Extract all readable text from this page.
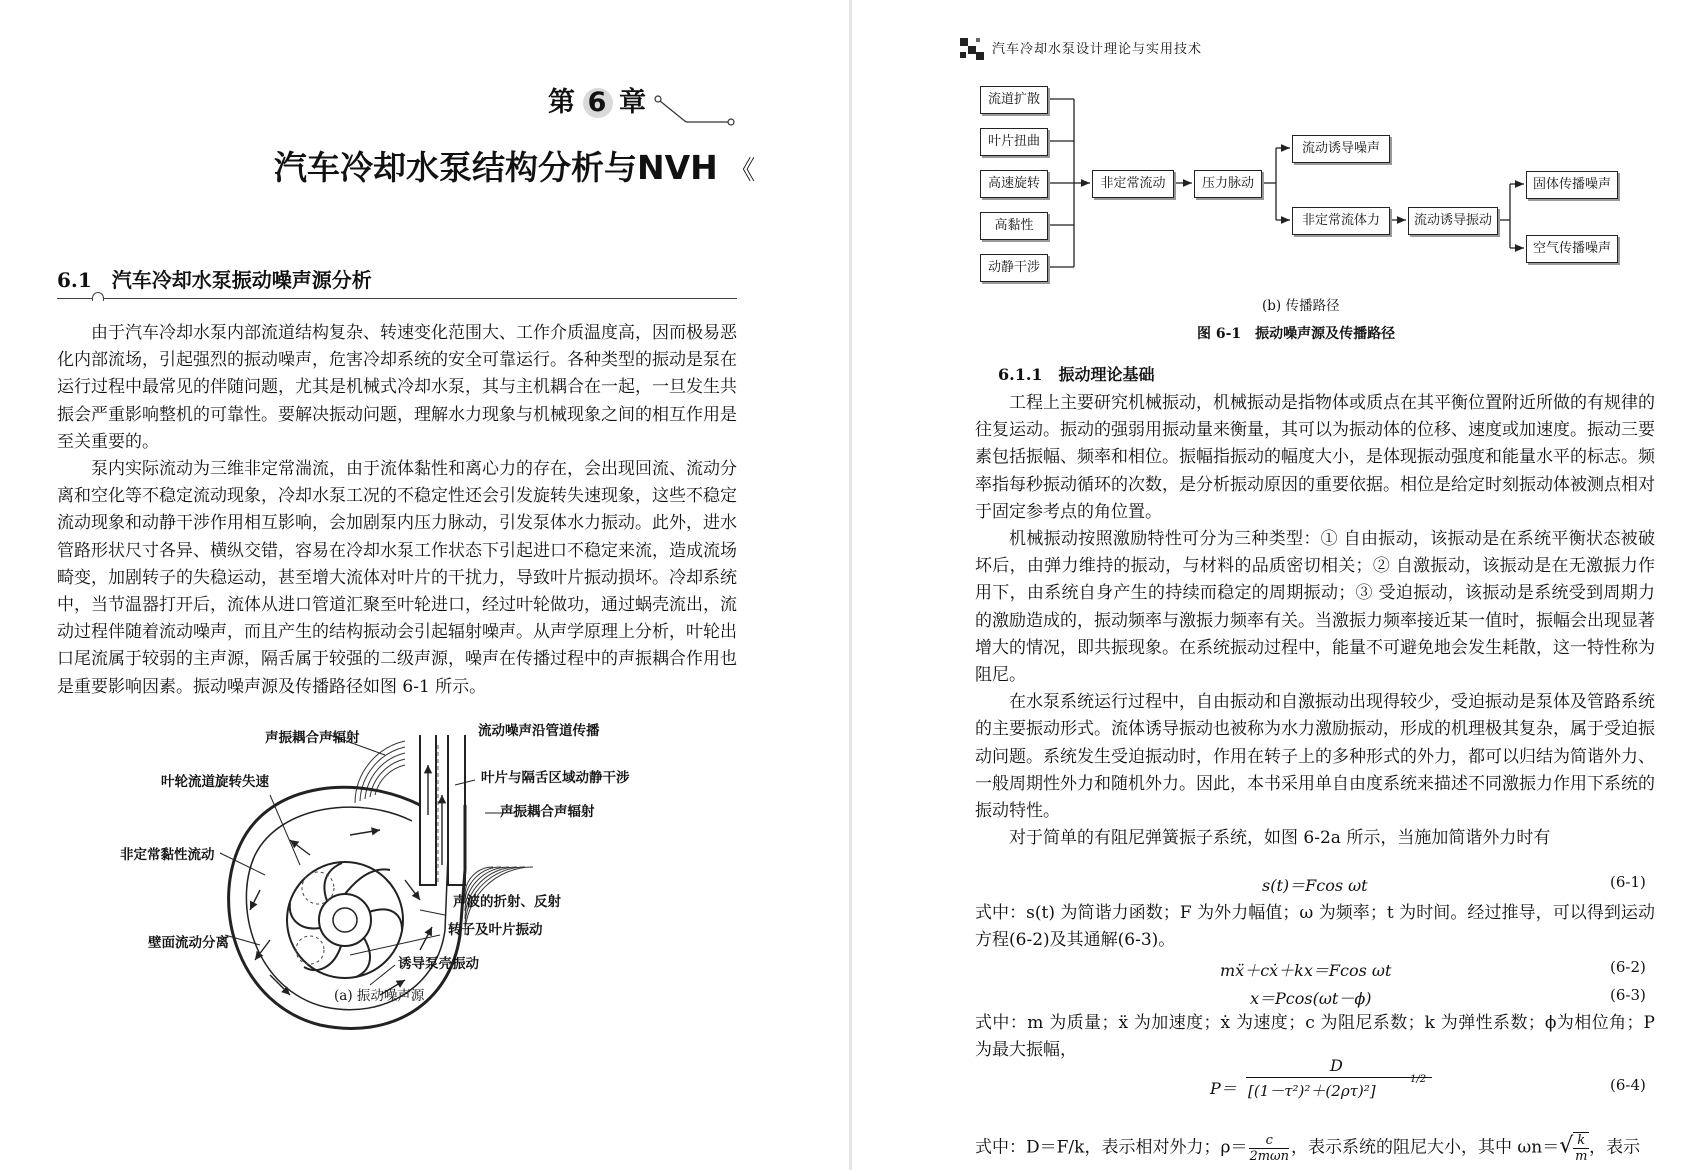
第 6 章
汽车冷却水泵结构分析与NVH 《
6.1　汽车冷却水泵振动噪声源分析

由于汽车冷却水泵内部流道结构复杂、转速变化范围大、工作介质温度高，因而极易恶化内部流场，引起强烈的振动噪声，危害冷却系统的安全可靠运行。各种类型的振动是泵在运行过程中最常见的伴随问题，尤其是机械式冷却水泵，其与主机耦合在一起，一旦发生共振会严重影响整机的可靠性。要解决振动问题，理解水力现象与机械现象之间的相互作用是至关重要的。

泵内实际流动为三维非定常湍流，由于流体黏性和离心力的存在，会出现回流、流动分离和空化等不稳定流动现象，冷却水泵工况的不稳定性还会引发旋转失速现象，这些不稳定流动现象和动静干涉作用相互影响，会加剧泵内压力脉动，引发泵体水力振动。此外，进水管路形状尺寸各异、横纵交错，容易在冷却水泵工作状态下引起进口不稳定来流，造成流场畸变，加剧转子的失稳运动，甚至增大流体对叶片的干扰力，导致叶片振动损坏。冷却系统中，当节温器打开后，流体从进口管道汇聚至叶轮进口，经过叶轮做功，通过蜗壳流出，流动过程伴随着流动噪声，而且产生的结构振动会引起辐射噪声。从声学原理上分析，叶轮出口尾流属于较弱的主声源，隔舌属于较强的二级声源，噪声在传播过程中的声振耦合作用也是重要影响因素。振动噪声源及传播路径如图 6-1 所示。

声振耦合声辐射	流动噪声沿管道传播
叶轮流道旋转失速	叶片与隔舌区域动静干涉
声振耦合声辐射
非定常黏性流动
声波的折射、反射
转子及叶片振动
壁面流动分离
诱导泵壳振动
(a) 振动噪声源
汽车冷却水泵设计理论与实用技术
流道扩散
叶片扭曲
高速旋转
高黏性
动静干涉
非定常流动	压力脉动
流动诱导噪声
非定常流体力	流动诱导振动
固体传播噪声
空气传播噪声
(b) 传播路径
图 6-1　振动噪声源及传播路径
6.1.1　振动理论基础

工程上主要研究机械振动，机械振动是指物体或质点在其平衡位置附近所做的有规律的往复运动。振动的强弱用振动量来衡量，其可以为振动体的位移、速度或加速度。振动三要素包括振幅、频率和相位。振幅指振动的幅度大小，是体现振动强度和能量水平的标志。频率指每秒振动循环的次数，是分析振动原因的重要依据。相位是给定时刻振动体被测点相对于固定参考点的角位置。

机械振动按照激励特性可分为三种类型：① 自由振动，该振动是在系统平衡状态被破坏后，由弹力维持的振动，与材料的品质密切相关；② 自激振动，该振动是在无激振力作用下，由系统自身产生的持续而稳定的周期振动；③ 受迫振动，该振动是系统受到周期力的激励造成的，振动频率与激振力频率有关。当激振力频率接近某一值时，振幅会出现显著增大的情况，即共振现象。在系统振动过程中，能量不可避免地会发生耗散，这一特性称为阻尼。

在水泵系统运行过程中，自由振动和自激振动出现得较少，受迫振动是泵体及管路系统的主要振动形式。流体诱导振动也被称为水力激励振动，形成的机理极其复杂，属于受迫振动问题。系统发生受迫振动时，作用在转子上的多种形式的外力，都可以归结为简谐外力、一般周期性外力和随机外力。因此，本书采用单自由度系统来描述不同激振力作用下系统的振动特性。

对于简单的有阻尼弹簧振子系统，如图 6-2a 所示，当施加简谐外力时有

s(t)＝Fcos ωt	(6-1)

式中：s(t) 为简谐力函数；F 为外力幅值；ω 为频率；t 为时间。经过推导，可以得到运动方程(6-2)及其通解(6-3)。

mẍ＋cẋ＋kx＝Fcos ωt	(6-2)
x＝Pcos(ωt－ϕ)	(6-3)

式中：m 为质量；ẍ 为加速度；ẋ 为速度；c 为阻尼系数；k 为弹性系数；ϕ为相位角；P 为最大振幅，

P＝
D
[(1－τ²)²＋(2ρτ)²]
1/2	(6-4)
式中：D＝F/k，表示相对外力；ρ＝	c
2mωn ，表示系统的阻尼大小，其中 $\omega n=√ \frac{k}{m}$ ，表示
